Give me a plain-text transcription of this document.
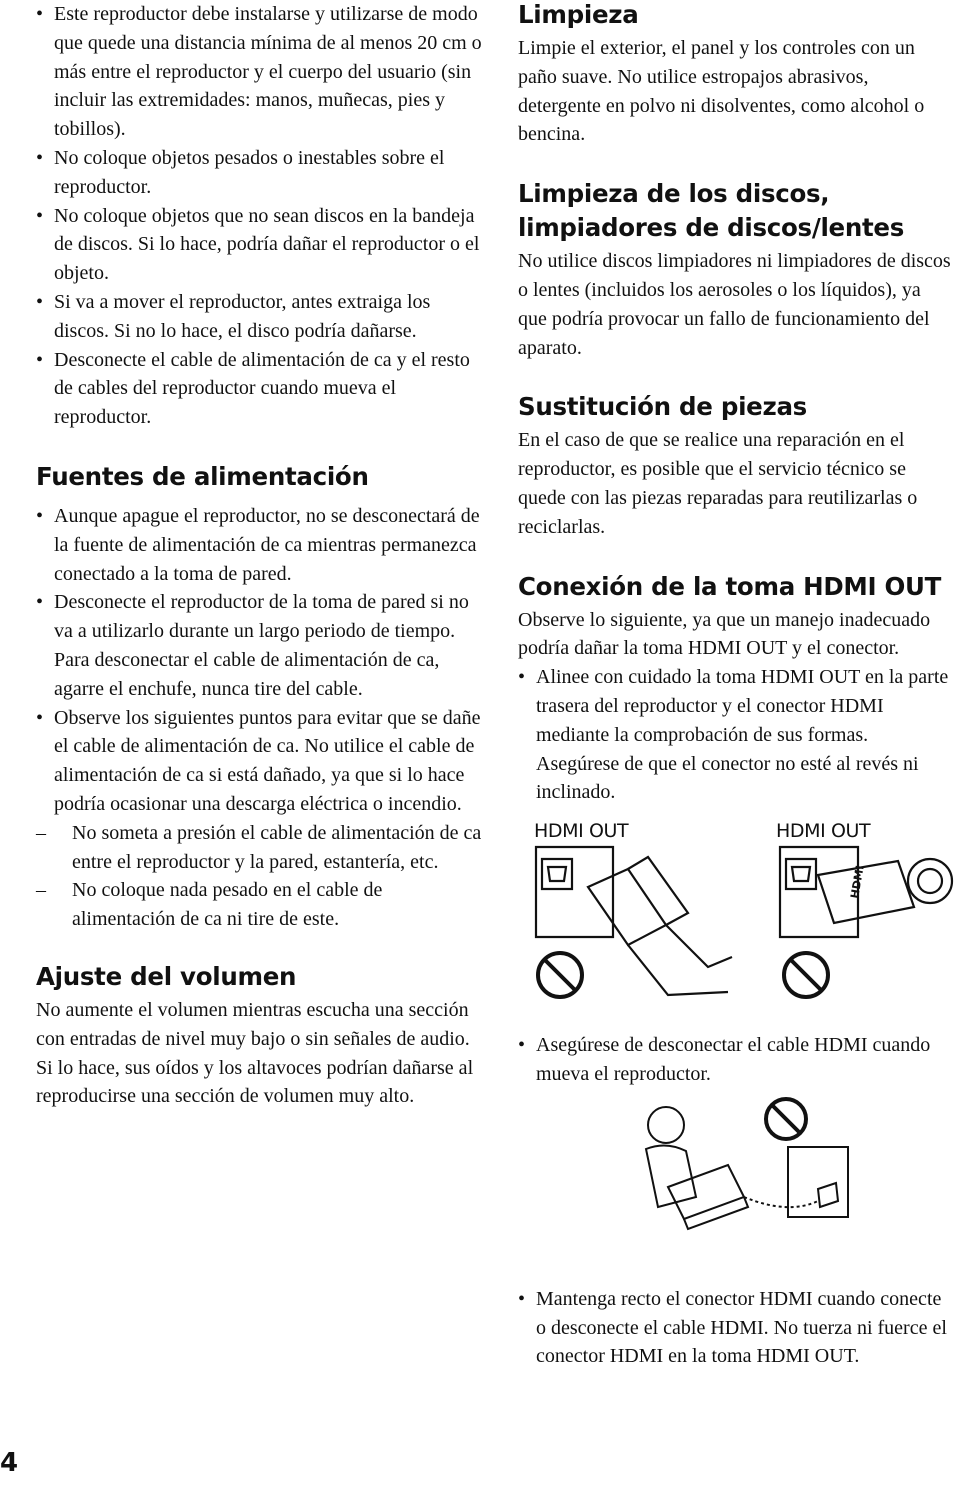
• Este reproductor debe instalarse y utilizarse de modo que quede una distancia mínima de al menos 20 cm o más entre el reproductor y el cuerpo del usuario (sin incluir las extremidades: manos, muñecas, pies y tobillos).
• No coloque objetos pesados o inestables sobre el reproductor.
• No coloque objetos que no sean discos en la bandeja de discos. Si lo hace, podría dañar el reproductor o el objeto.
• Si va a mover el reproductor, antes extraiga los discos. Si no lo hace, el disco podría dañarse.
• Desconecte el cable de alimentación de ca y el resto de cables del reproductor cuando mueva el reproductor.
Fuentes de alimentación
• Aunque apague el reproductor, no se desconectará de la fuente de alimentación de ca mientras permanezca conectado a la toma de pared.
• Desconecte el reproductor de la toma de pared si no va a utilizarlo durante un largo periodo de tiempo. Para desconectar el cable de alimentación de ca, agarre el enchufe, nunca tire del cable.
• Observe los siguientes puntos para evitar que se dañe el cable de alimentación de ca. No utilice el cable de alimentación de ca si está dañado, ya que si lo hace podría ocasionar una descarga eléctrica o incendio.
– No someta a presión el cable de alimentación de ca entre el reproductor y la pared, estantería, etc.
– No coloque nada pesado en el cable de alimentación de ca ni tire de este.
Ajuste del volumen

No aumente el volumen mientras escucha una sección con entradas de nivel muy bajo o sin señales de audio. Si lo hace, sus oídos y los altavoces podrían dañarse al reproducirse una sección de volumen muy alto.

Limpieza

Limpie el exterior, el panel y los controles con un paño suave. No utilice estropajos abrasivos, detergente en polvo ni disolventes, como alcohol o bencina.

Limpieza de los discos, limpiadores de discos/lentes

No utilice discos limpiadores ni limpiadores de discos o lentes (incluidos los aerosoles o los líquidos), ya que podría provocar un fallo de funcionamiento del aparato.

Sustitución de piezas

En el caso de que se realice una reparación en el reproductor, es posible que el servicio técnico se quede con las piezas reparadas para reutilizarlas o reciclarlas.

Conexión de la toma HDMI OUT

Observe lo siguiente, ya que un manejo inadecuado podría dañar la toma HDMI OUT y el conector.

• Alinee con cuidado la toma HDMI OUT en la parte trasera del reproductor y el conector HDMI mediante la comprobación de sus formas. Asegúrese de que el conector no esté al revés ni inclinado.
HDMI OUT	HDMI OUT
HDMI
• Asegúrese de desconectar el cable HDMI cuando mueva el reproductor.
• Mantenga recto el conector HDMI cuando conecte o desconecte el cable HDMI. No tuerza ni fuerce el conector HDMI en la toma HDMI OUT.
4
